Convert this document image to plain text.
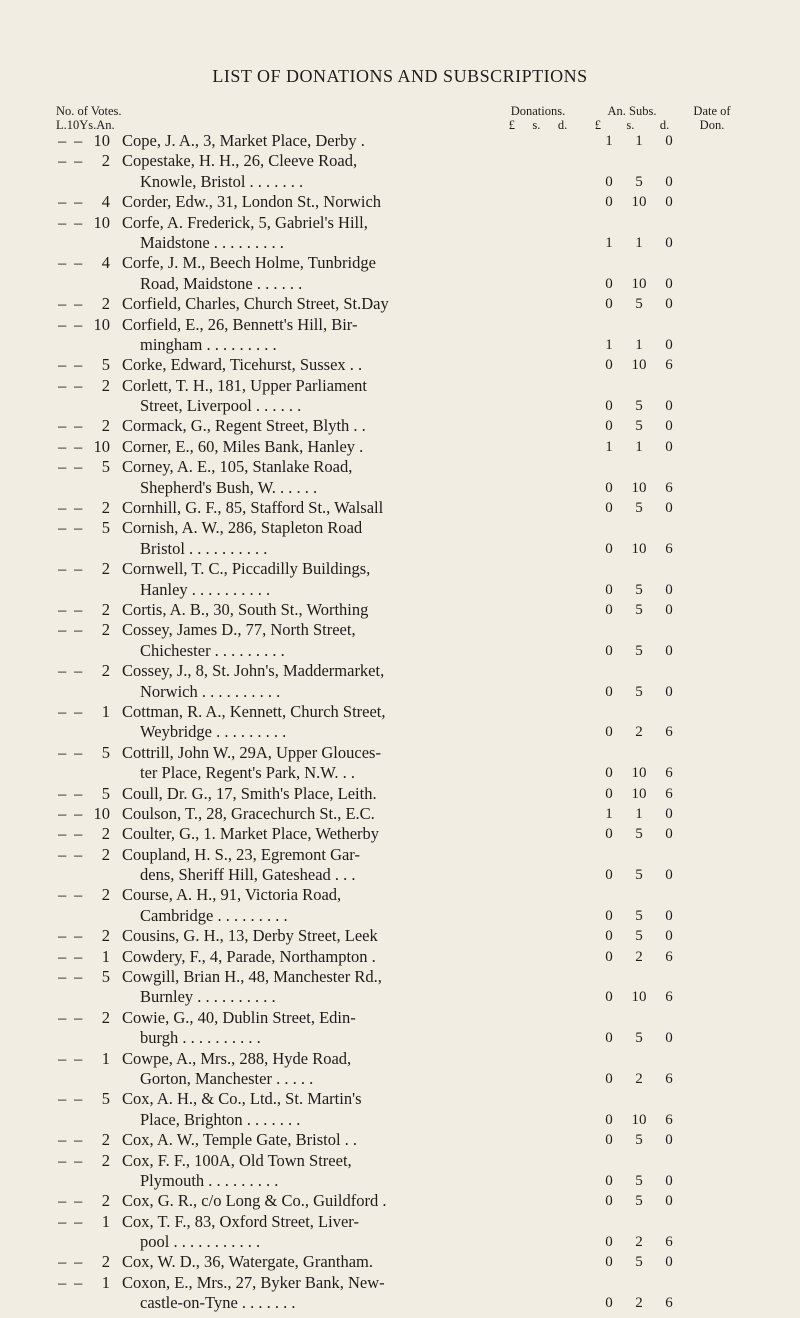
LIST OF DONATIONS AND SUBSCRIPTIONS
No. of Votes.
L.10Ys.An.
Donations.
£ s. d.
An. Subs.
£ s. d.
Date of
Don.
– – 10 Cope, J. A., 3, Market Place, Derby .	1	1	0
– – 2 Copestake, H. H., 26, Cleeve Road,
Knowle, Bristol . . . . . . .	0	5	0
– – 4 Corder, Edw., 31, London St., Norwich	0	10	0
– – 10 Corfe, A. Frederick, 5, Gabriel's Hill,
Maidstone . . . . . . . . .	1	1	0
– – 4 Corfe, J. M., Beech Holme, Tunbridge
Road, Maidstone . . . . . .	0	10	0
– – 2 Corfield, Charles, Church Street, St.Day	0	5	0
– – 10 Corfield, E., 26, Bennett's Hill, Bir-
mingham . . . . . . . . .	1	1	0
– – 5 Corke, Edward, Ticehurst, Sussex . .	0	10	6
– – 2 Corlett, T. H., 181, Upper Parliament
Street, Liverpool . . . . . .	0	5	0
– – 2 Cormack, G., Regent Street, Blyth . .	0	5	0
– – 10 Corner, E., 60, Miles Bank, Hanley .	1	1	0
– – 5 Corney, A. E., 105, Stanlake Road,
Shepherd's Bush, W. . . . . .	0	10	6
– – 2 Cornhill, G. F., 85, Stafford St., Walsall	0	5	0
– – 5 Cornish, A. W., 286, Stapleton Road
Bristol . . . . . . . . . .	0	10	6
– – 2 Cornwell, T. C., Piccadilly Buildings,
Hanley . . . . . . . . . .	0	5	0
– – 2 Cortis, A. B., 30, South St., Worthing	0	5	0
– – 2 Cossey, James D., 77, North Street,
Chichester . . . . . . . . .	0	5	0
– – 2 Cossey, J., 8, St. John's, Maddermarket,
Norwich . . . . . . . . . .	0	5	0
– – 1 Cottman, R. A., Kennett, Church Street,
Weybridge . . . . . . . . .	0	2	6
– – 5 Cottrill, John W., 29A, Upper Glouces-
ter Place, Regent's Park, N.W. . .	0	10	6
– – 5 Coull, Dr. G., 17, Smith's Place, Leith.	0	10	6
– – 10 Coulson, T., 28, Gracechurch St., E.C.	1	1	0
– – 2 Coulter, G., 1. Market Place, Wetherby	0	5	0
– – 2 Coupland, H. S., 23, Egremont Gar-
dens, Sheriff Hill, Gateshead . . .	0	5	0
– – 2 Course, A. H., 91, Victoria Road,
Cambridge . . . . . . . . .	0	5	0
– – 2 Cousins, G. H., 13, Derby Street, Leek	0	5	0
– – 1 Cowdery, F., 4, Parade, Northampton .	0	2	6
– – 5 Cowgill, Brian H., 48, Manchester Rd.,
Burnley . . . . . . . . . .	0	10	6
– – 2 Cowie, G., 40, Dublin Street, Edin-
burgh . . . . . . . . . .	0	5	0
– – 1 Cowpe, A., Mrs., 288, Hyde Road,
Gorton, Manchester . . . . .	0	2	6
– – 5 Cox, A. H., & Co., Ltd., St. Martin's
Place, Brighton . . . . . . .	0	10	6
– – 2 Cox, A. W., Temple Gate, Bristol . .	0	5	0
– – 2 Cox, F. F., 100A, Old Town Street,
Plymouth . . . . . . . . .	0	5	0
– – 2 Cox, G. R., c/o Long & Co., Guildford .	0	5	0
– – 1 Cox, T. F., 83, Oxford Street, Liver-
pool . . . . . . . . . . .	0	2	6
– – 2 Cox, W. D., 36, Watergate, Grantham.	0	5	0
– – 1 Coxon, E., Mrs., 27, Byker Bank, New-
castle-on-Tyne . . . . . . .	0	2	6
